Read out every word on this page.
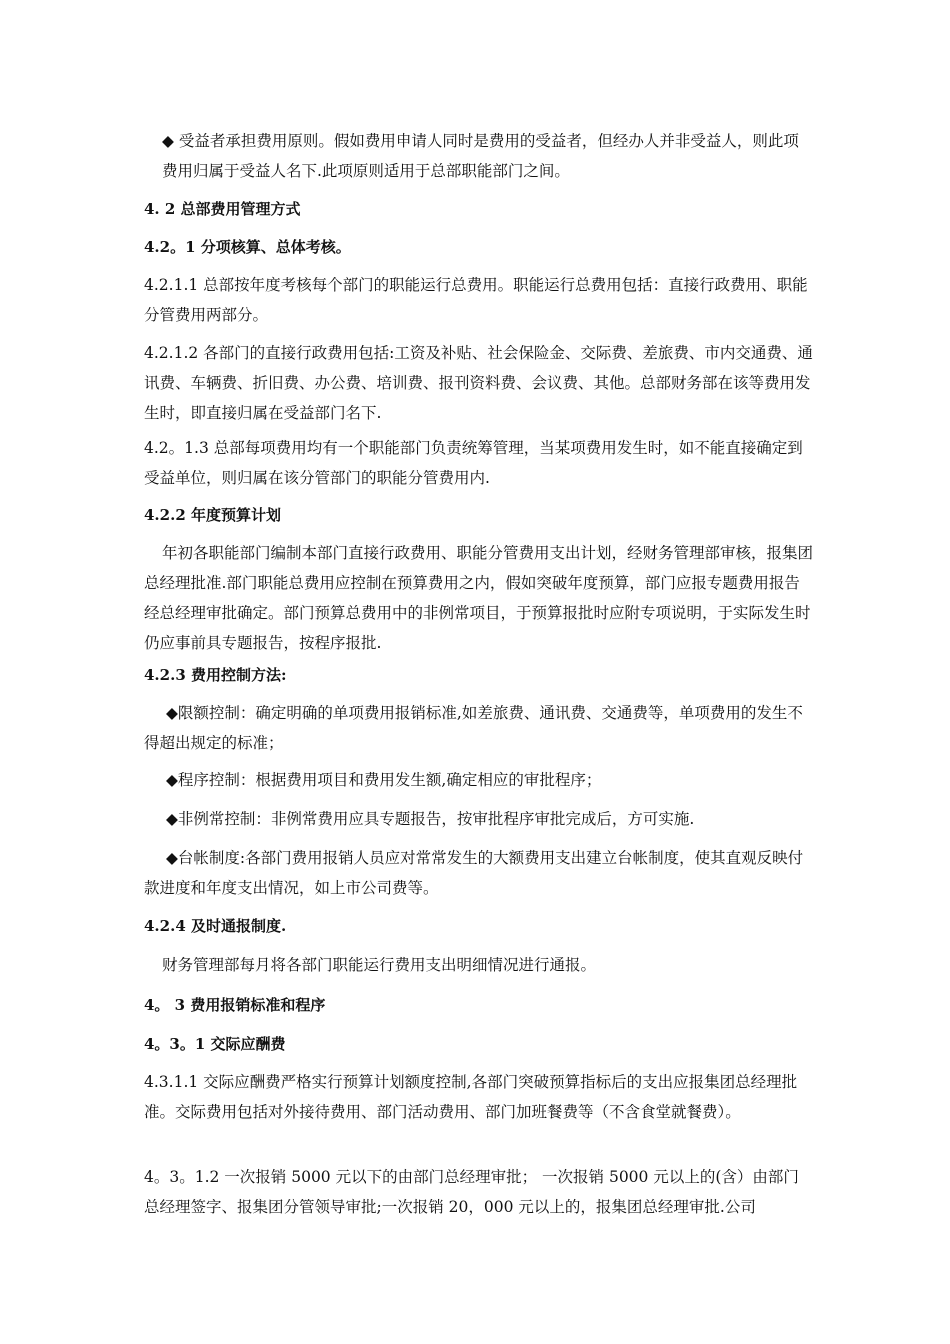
◆ 受益者承担费用原则。假如费用申请人同时是费用的受益者，但经办人并非受益人，则此项费用归属于受益人名下.此项原则适用于总部职能部门之间。

4. 2 总部费用管理方式
4.2。1 分项核算、总体考核。
4.2.1.1 总部按年度考核每个部门的职能运行总费用。职能运行总费用包括：直接行政费用、职能分管费用两部分。
4.2.1.2 各部门的直接行政费用包括:工资及补贴、社会保险金、交际费、差旅费、市内交通费、通讯费、车辆费、折旧费、办公费、培训费、报刊资料费、会议费、其他。总部财务部在该等费用发生时，即直接归属在受益部门名下.
4.2。1.3 总部每项费用均有一个职能部门负责统筹管理，当某项费用发生时，如不能直接确定到受益单位，则归属在该分管部门的职能分管费用内.
4.2.2 年度预算计划

年初各职能部门编制本部门直接行政费用、职能分管费用支出计划，经财务管理部审核，报集团总经理批准.部门职能总费用应控制在预算费用之内，假如突破年度预算，部门应报专题费用报告经总经理审批确定。部门预算总费用中的非例常项目，于预算报批时应附专项说明，于实际发生时仍应事前具专题报告，按程序报批.

4.2.3 费用控制方法:

◆限额控制：确定明确的单项费用报销标准,如差旅费、通讯费、交通费等，单项费用的发生不得超出规定的标准；

◆程序控制：根据费用项目和费用发生额,确定相应的审批程序；

◆非例常控制：非例常费用应具专题报告，按审批程序审批完成后，方可实施.

◆台帐制度:各部门费用报销人员应对常常发生的大额费用支出建立台帐制度，使其直观反映付款进度和年度支出情况，如上市公司费等。

4.2.4 及时通报制度.

财务管理部每月将各部门职能运行费用支出明细情况进行通报。

4。 3 费用报销标准和程序
4。3。1 交际应酬费
4.3.1.1 交际应酬费严格实行预算计划额度控制,各部门突破预算指标后的支出应报集团总经理批准。交际费用包括对外接待费用、部门活动费用、部门加班餐费等（不含食堂就餐费）。
4。3。1.2 一次报销 5000 元以下的由部门总经理审批； 一次报销 5000 元以上的(含）由部门总经理签字、报集团分管领导审批;一次报销 20，000 元以上的，报集团总经理审批.公司
